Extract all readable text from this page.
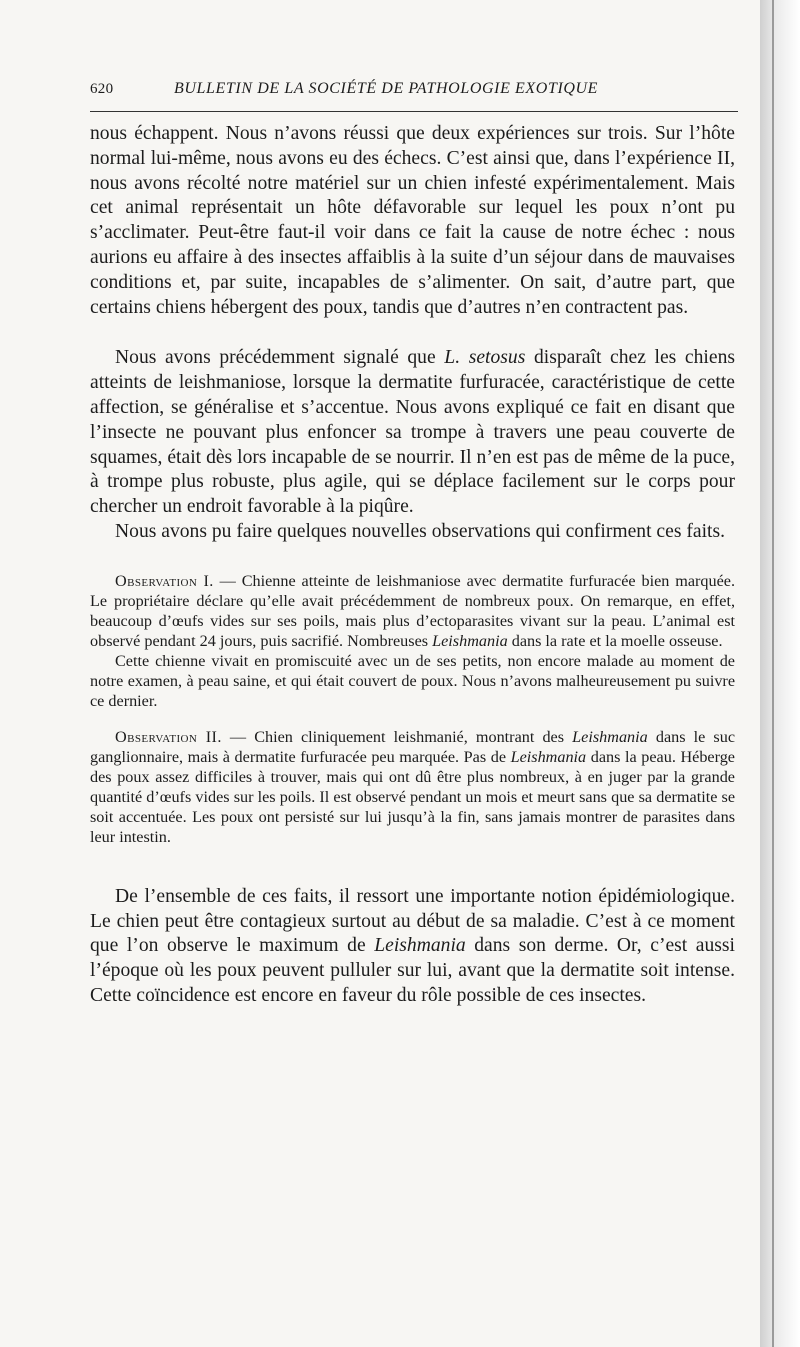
620	BULLETIN DE LA SOCIÉTÉ DE PATHOLOGIE EXOTIQUE

nous échappent. Nous n’avons réussi que deux expériences sur trois. Sur l’hôte normal lui-même, nous avons eu des échecs. C’est ainsi que, dans l’expérience II, nous avons récolté notre matériel sur un chien infesté expérimentalement. Mais cet animal représentait un hôte défavorable sur lequel les poux n’ont pu s’acclimater. Peut-être faut-il voir dans ce fait la cause de notre échec : nous aurions eu affaire à des insectes affaiblis à la suite d’un séjour dans de mauvaises conditions et, par suite, incapables de s’alimenter. On sait, d’autre part, que certains chiens hébergent des poux, tandis que d’autres n’en contractent pas.

Nous avons précédemment signalé que L. setosus disparaît chez les chiens atteints de leishmaniose, lorsque la dermatite furfuracée, caractéristique de cette affection, se généralise et s’accentue. Nous avons expliqué ce fait en disant que l’insecte ne pouvant plus enfoncer sa trompe à travers une peau couverte de squames, était dès lors incapable de se nourrir. Il n’en est pas de même de la puce, à trompe plus robuste, plus agile, qui se déplace facilement sur le corps pour chercher un endroit favorable à la piqûre.

Nous avons pu faire quelques nouvelles observations qui confirment ces faits.

Observation I. — Chienne atteinte de leishmaniose avec dermatite furfuracée bien marquée. Le propriétaire déclare qu’elle avait précédemment de nombreux poux. On remarque, en effet, beaucoup d’œufs vides sur ses poils, mais plus d’ectoparasites vivant sur la peau. L’animal est observé pendant 24 jours, puis sacrifié. Nombreuses Leishmania dans la rate et la moelle osseuse.

Cette chienne vivait en promiscuité avec un de ses petits, non encore malade au moment de notre examen, à peau saine, et qui était couvert de poux. Nous n’avons malheureusement pu suivre ce dernier.

Observation II. — Chien cliniquement leishmanié, montrant des Leishmania dans le suc ganglionnaire, mais à dermatite furfuracée peu marquée. Pas de Leishmania dans la peau. Héberge des poux assez difficiles à trouver, mais qui ont dû être plus nombreux, à en juger par la grande quantité d’œufs vides sur les poils. Il est observé pendant un mois et meurt sans que sa dermatite se soit accentuée. Les poux ont persisté sur lui jusqu’à la fin, sans jamais montrer de parasites dans leur intestin.

De l’ensemble de ces faits, il ressort une importante notion épidémiologique. Le chien peut être contagieux surtout au début de sa maladie. C’est à ce moment que l’on observe le maximum de Leishmania dans son derme. Or, c’est aussi l’époque où les poux peuvent pulluler sur lui, avant que la dermatite soit intense. Cette coïncidence est encore en faveur du rôle possible de ces insectes.
